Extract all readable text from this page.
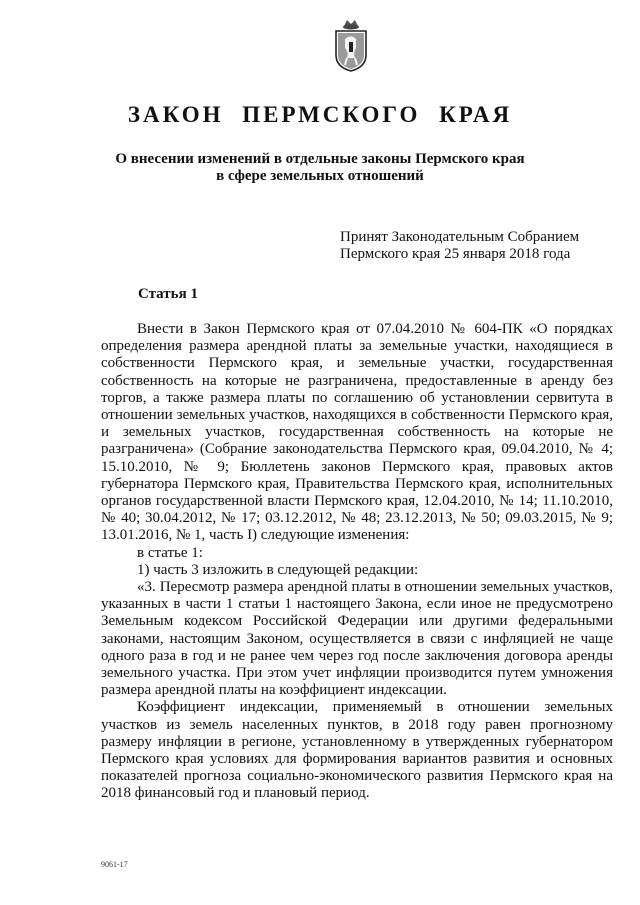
ЗАКОН ПЕРМСКОГО КРАЯ
О внесении изменений в отдельные законы Пермского края
в сфере земельных отношений
Принят Законодательным Собранием
Пермского края 25 января 2018 года
Статья 1

Внести в Закон Пермского края от 07.04.2010 № 604-ПК «О порядках определения размера арендной платы за земельные участки, находящиеся в собственности Пермского края, и земельные участки, государственная собственность на которые не разграничена, предоставленные в аренду без торгов, а также размера платы по соглашению об установлении сервитута в отношении земельных участков, находящихся в собственности Пермского края, и земельных участков, государственная собственность на которые не разграничена» (Собрание законодательства Пермского края, 09.04.2010, № 4; 15.10.2010, № 9; Бюллетень законов Пермского края, правовых актов губернатора Пермского края, Правительства Пермского края, исполнительных органов государственной власти Пермского края, 12.04.2010, № 14; 11.10.2010, № 40; 30.04.2012, № 17; 03.12.2012, № 48; 23.12.2013, № 50; 09.03.2015, № 9; 13.01.2016, № 1, часть I) следующие изменения:

в статье 1:

1) часть 3 изложить в следующей редакции:

«3. Пересмотр размера арендной платы в отношении земельных участков, указанных в части 1 статьи 1 настоящего Закона, если иное не предусмотрено Земельным кодексом Российской Федерации или другими федеральными законами, настоящим Законом, осуществляется в связи с инфляцией не чаще одного раза в год и не ранее чем через год после заключения договора аренды земельного участка. При этом учет инфляции производится путем умножения размера арендной платы на коэффициент индексации.

Коэффициент индексации, применяемый в отношении земельных участков из земель населенных пунктов, в 2018 году равен прогнозному размеру инфляции в регионе, установленному в утвержденных губернатором Пермского края условиях для формирования вариантов развития и основных показателей прогноза социально-экономического развития Пермского края на 2018 финансовый год и плановый период.

9061-17
